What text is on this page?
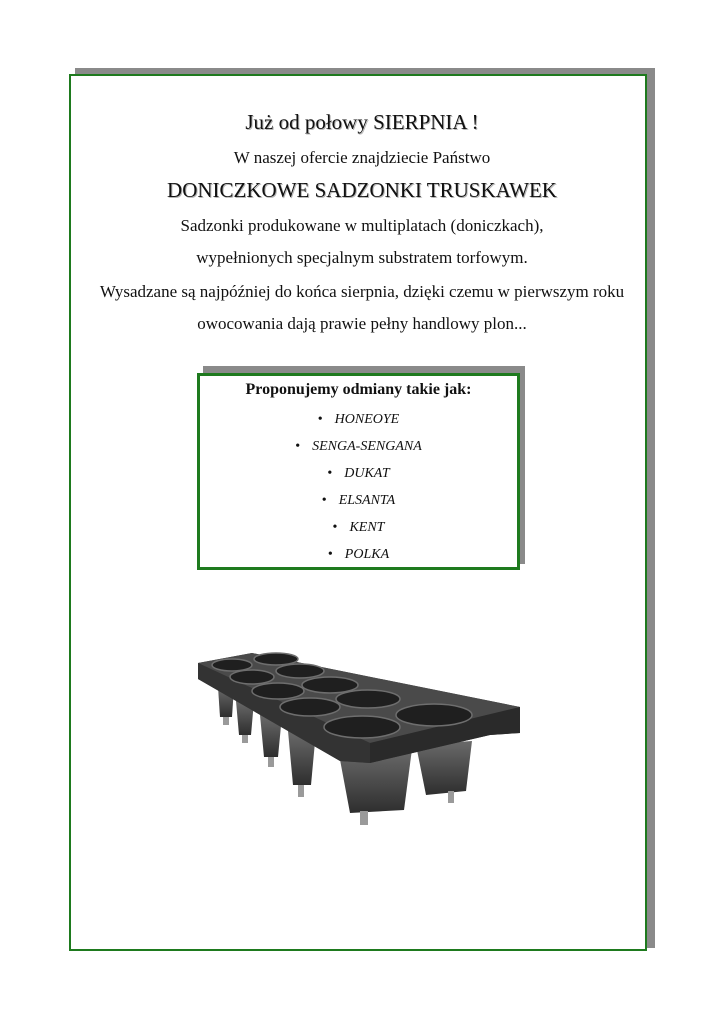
Już od połowy SIERPNIA !
W naszej ofercie znajdziecie Państwo
DONICZKOWE SADZONKI TRUSKAWEK
Sadzonki produkowane w multiplatach (doniczkach),
wypełnionych specjalnym substratem torfowym.
Wysadzane są najpóźniej do końca sierpnia, dzięki czemu w pierwszym roku
owocowania dają prawie pełny handlowy plon...
Proponujemy odmiany takie jak:
• HONEOYE
• SENGA-SENGANA
• DUKAT
• ELSANTA
• KENT
• POLKA
